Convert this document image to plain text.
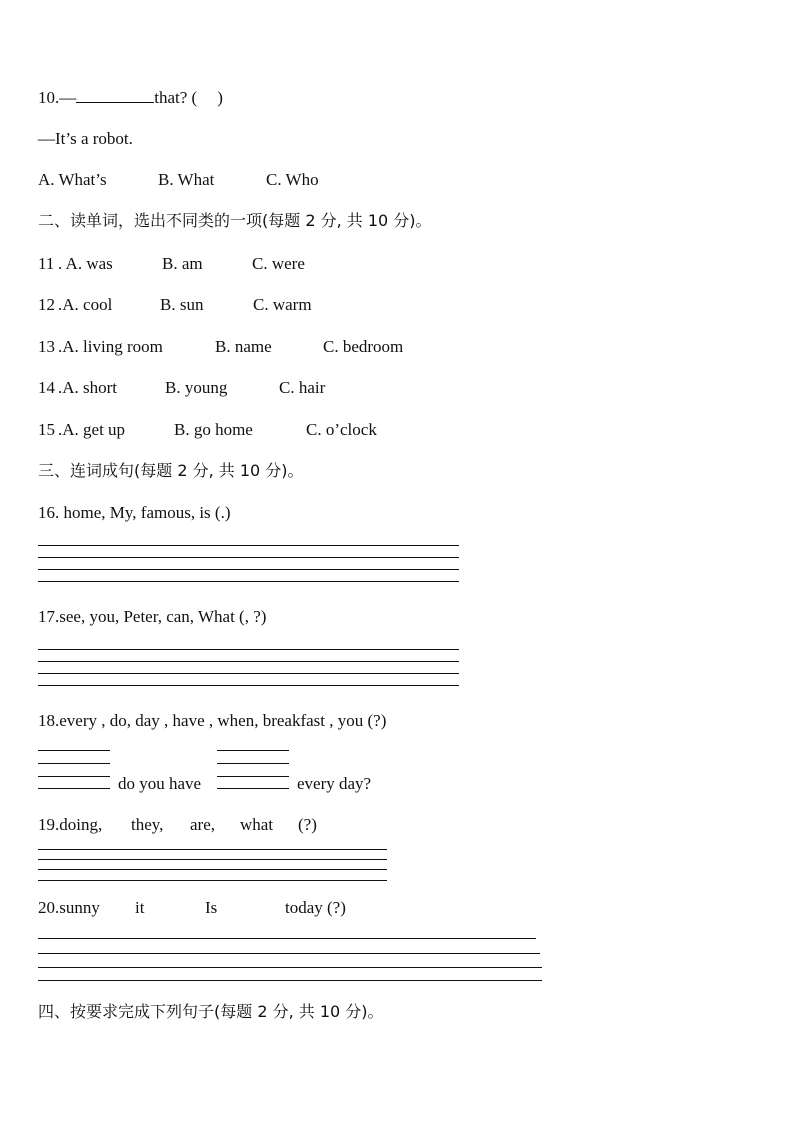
10.—	that? ( )
—It’s a robot.
A. What’s	B. What	C. Who
二、读单词，选出不同类的一项(每题 2 分, 共 10 分)。
11 . A. was	B. am	C. were
12 .A. cool	B. sun	C. warm
13 .A. living room	B. name	C. bedroom
14 .A. short	B. young	C. hair
15 .A. get up	B. go home	C. o’clock
三、连词成句(每题 2 分, 共 10 分)。
16. home, My, famous, is (.)
17.see, you, Peter, can, What (, ?)
18.every , do, day , have , when, breakfast , you (?)
do you have	every day?
19.doing, they, are, what (?)
20.sunny it	Is	today (?)
四、按要求完成下列句子(每题 2 分, 共 10 分)。
